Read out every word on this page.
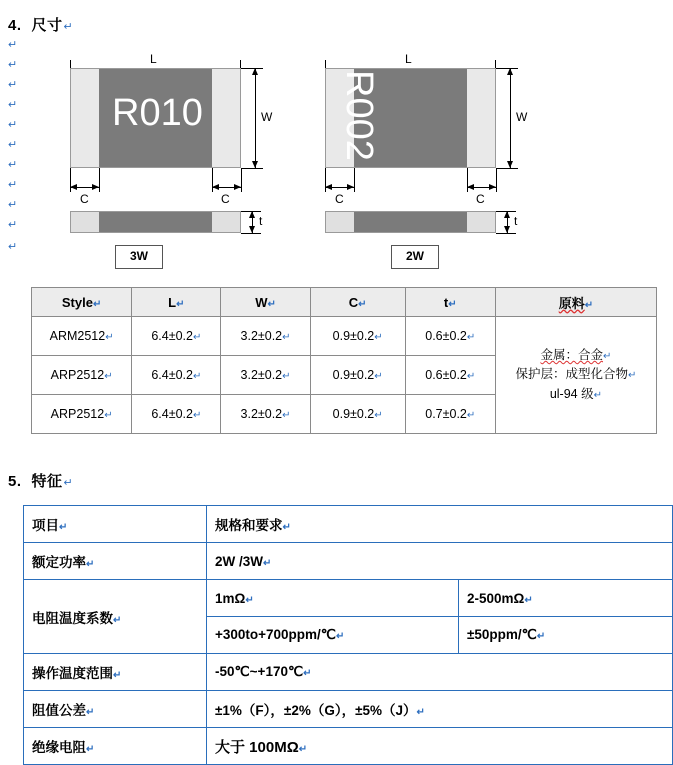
4. 尺寸↵
↵
↵
↵
↵
↵
↵
↵
↵
↵
↵
↵
L
R010	W
C	C
t
3W
L
R002	W
C	C
t
2W
Style↵	L↵	W↵	C↵	t↵	原料↵
ARM2512↵	6.4±0.2↵	3.2±0.2↵	0.9±0.2↵	0.6±0.2↵	金属：合金↵
保护层：成型化合物↵
ul-94 级↵

ARP2512↵	6.4±0.2↵	3.2±0.2↵	0.9±0.2↵	0.6±0.2↵	
ARP2512↵	6.4±0.2↵	3.2±0.2↵	0.9±0.2↵	0.7±0.2↵	
5. 特征↵
项目↵	规格和要求↵	
额定功率↵	2W /3W↵	
电阻温度系数↵	1mΩ↵	2-500mΩ↵
	+300to+700ppm/℃↵	±50ppm/℃↵
操作温度范围↵	-50℃~+170℃↵	
阻值公差↵	±1%（F），±2%（G），±5%（J）↵	
绝缘电阻↵	大于 100MΩ↵	
